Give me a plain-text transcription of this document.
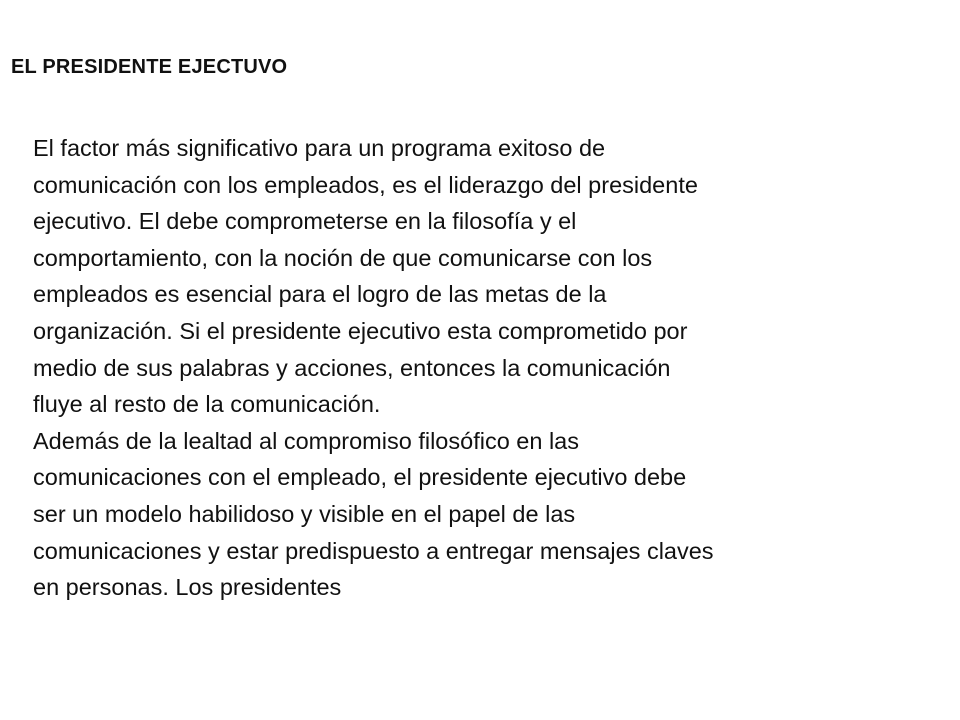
EL PRESIDENTE EJECTUVO
El factor más significativo para un programa exitoso de
comunicación con los empleados, es el liderazgo del presidente
ejecutivo. El debe comprometerse en la filosofía y el
comportamiento, con la noción de que comunicarse con los
empleados es esencial para el logro de las metas de la
organización. Si el presidente ejecutivo esta comprometido por
medio de sus palabras y acciones, entonces la comunicación
fluye al resto de la comunicación.
Además de la lealtad al compromiso filosófico en las
comunicaciones con el empleado, el presidente ejecutivo debe
ser un modelo habilidoso y visible en el papel de las
comunicaciones y estar predispuesto a entregar mensajes claves
en personas. Los presidentes
